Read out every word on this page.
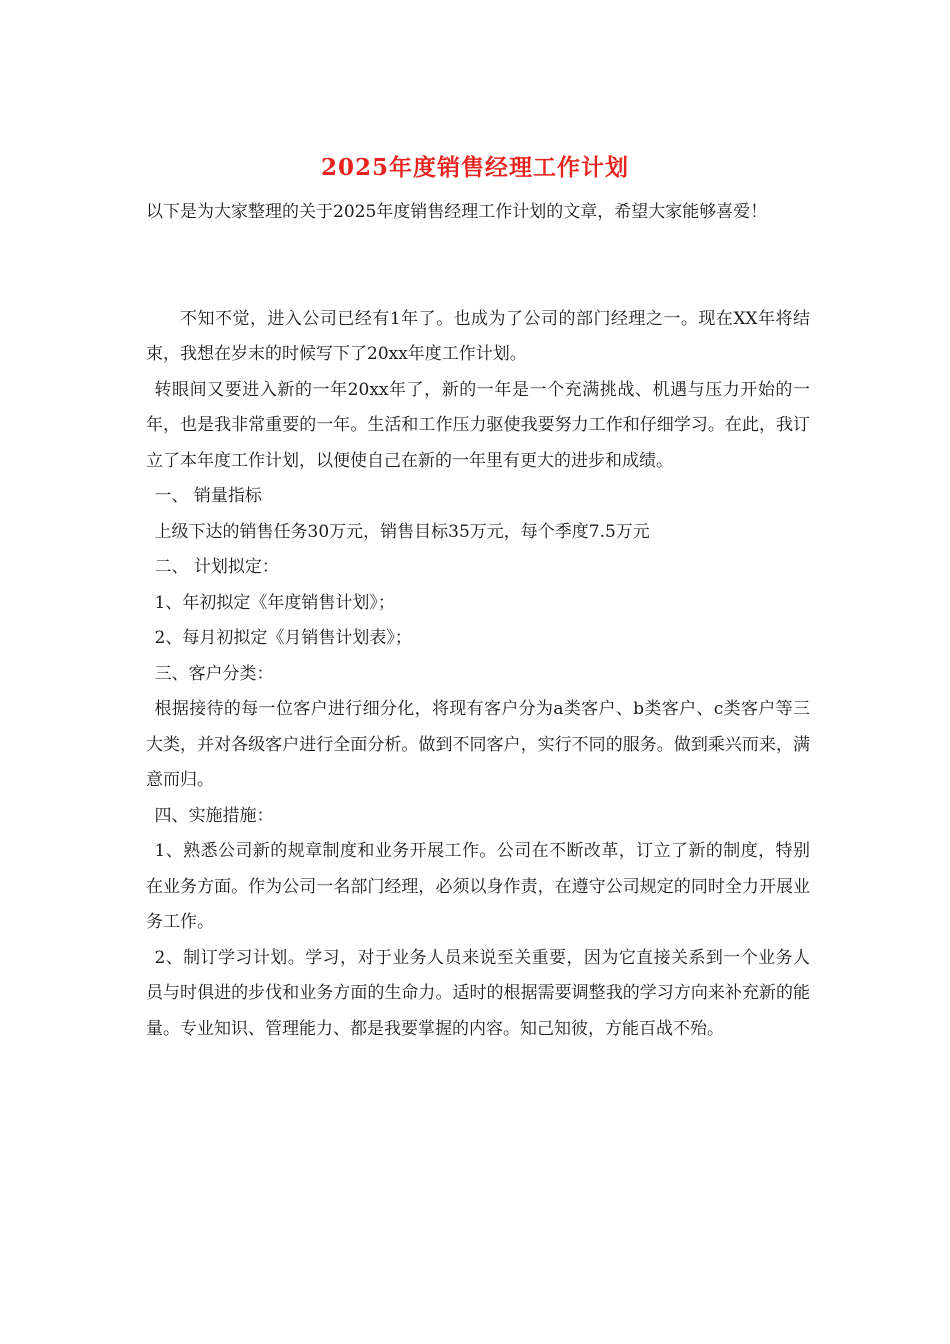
2025年度销售经理工作计划

以下是为大家整理的关于2025年度销售经理工作计划的文章，希望大家能够喜爱！

不知不觉，进入公司已经有1年了。也成为了公司的部门经理之一。现在XX年将结束，我想在岁末的时候写下了20xx年度工作计划。

转眼间又要进入新的一年20xx年了，新的一年是一个充满挑战、机遇与压力开始的一年，也是我非常重要的一年。生活和工作压力驱使我要努力工作和仔细学习。在此，我订立了本年度工作计划，以便使自己在新的一年里有更大的进步和成绩。

一、 销量指标

上级下达的销售任务30万元，销售目标35万元，每个季度7.5万元

二、 计划拟定：

1、年初拟定《年度销售计划》；

2、每月初拟定《月销售计划表》；

三、客户分类：

根据接待的每一位客户进行细分化，将现有客户分为a类客户、b类客户、c类客户等三大类，并对各级客户进行全面分析。做到不同客户，实行不同的服务。做到乘兴而来，满意而归。

四、实施措施：

1、熟悉公司新的规章制度和业务开展工作。公司在不断改革，订立了新的制度，特别在业务方面。作为公司一名部门经理，必须以身作责，在遵守公司规定的同时全力开展业务工作。

2、制订学习计划。学习，对于业务人员来说至关重要，因为它直接关系到一个业务人员与时俱进的步伐和业务方面的生命力。适时的根据需要调整我的学习方向来补充新的能量。专业知识、管理能力、都是我要掌握的内容。知己知彼，方能百战不殆。
